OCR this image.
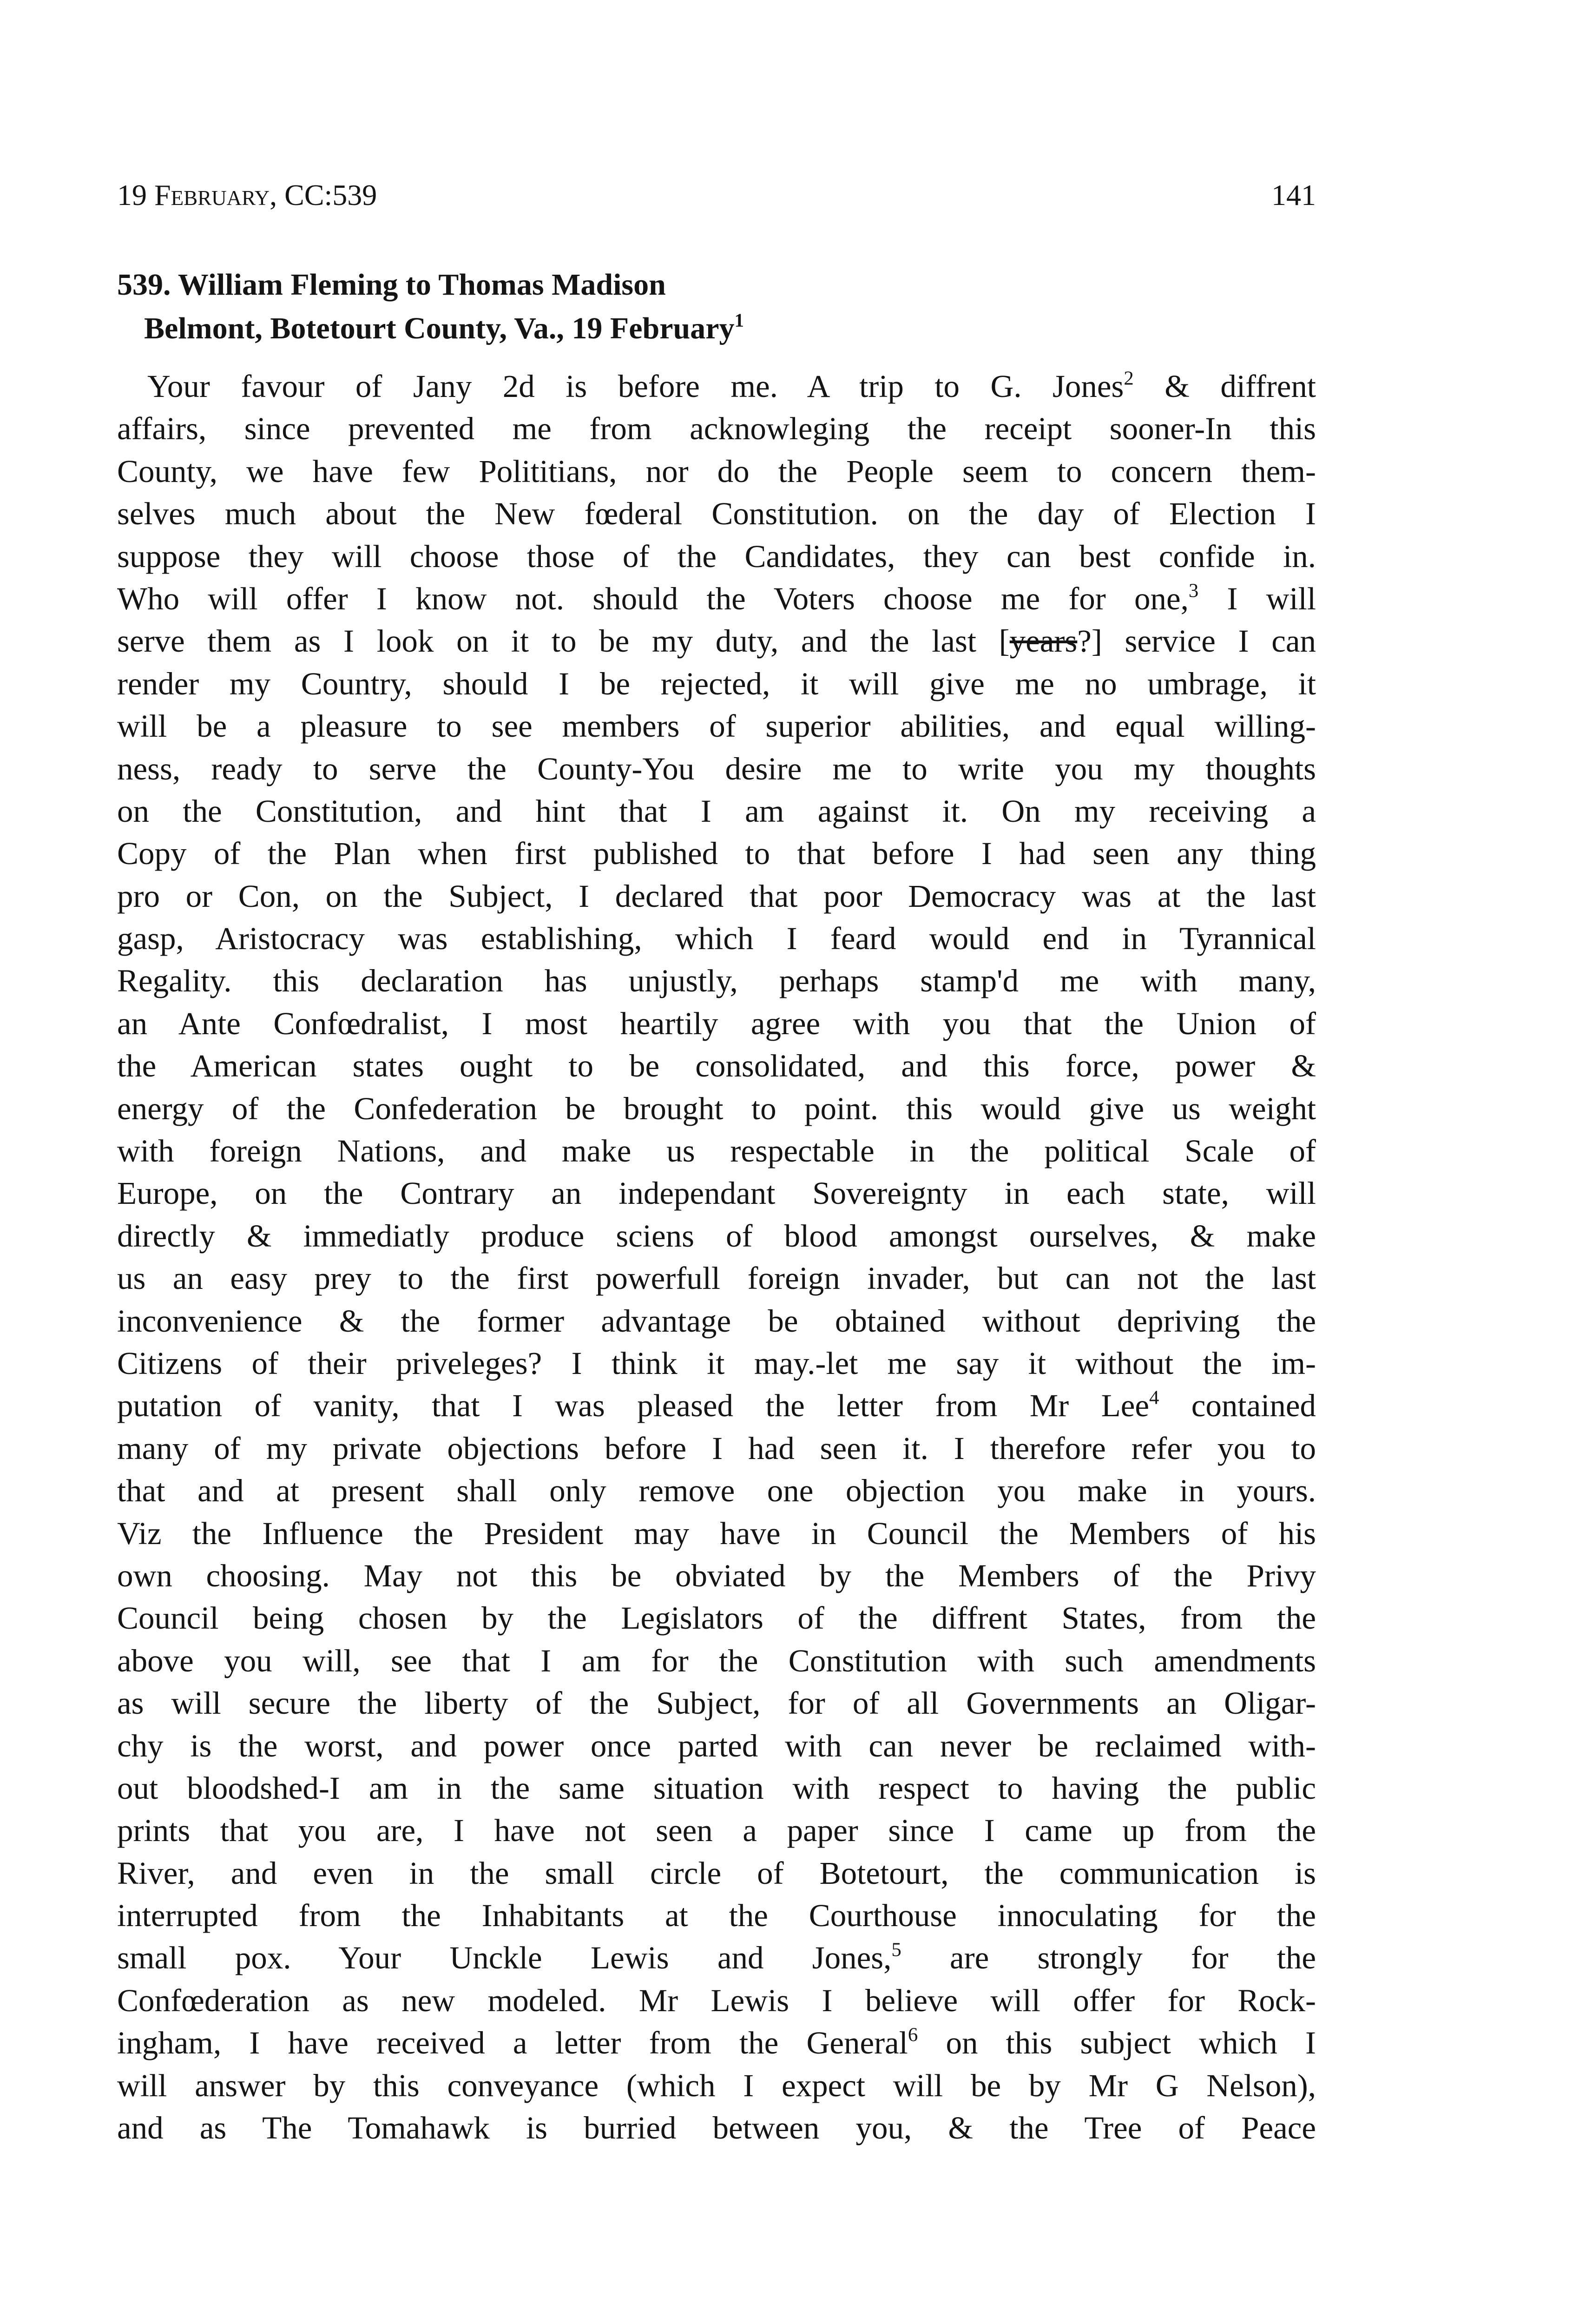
19 February, CC:539	141
539. William Fleming to Thomas Madison
Belmont, Botetourt County, Va., 19 February$^1$
Your favour of Jany 2d is before me. A trip to G. Jones$^2$ & diffrent
affairs, since prevented me from acknowleging the receipt sooner-In this
County, we have few Polititians, nor do the People seem to concern them-
selves much about the New fœderal Constitution. on the day of Election I
suppose they will choose those of the Candidates, they can best confide in.
Who will offer I know not. should the Voters choose me for one,$^3$ I will
serve them as I look on it to be my duty, and the last [years?] service I can
render my Country, should I be rejected, it will give me no umbrage, it
will be a pleasure to see members of superior abilities, and equal willing-
ness, ready to serve the County-You desire me to write you my thoughts
on the Constitution, and hint that I am against it. On my receiving a
Copy of the Plan when first published to that before I had seen any thing
pro or Con, on the Subject, I declared that poor Democracy was at the last
gasp, Aristocracy was establishing, which I feard would end in Tyrannical
Regality. this declaration has unjustly, perhaps stamp'd me with many,
an Ante Confœdralist, I most heartily agree with you that the Union of
the American states ought to be consolidated, and this force, power &
energy of the Confederation be brought to point. this would give us weight
with foreign Nations, and make us respectable in the political Scale of
Europe, on the Contrary an independant Sovereignty in each state, will
directly & immediatly produce sciens of blood amongst ourselves, & make
us an easy prey to the first powerfull foreign invader, but can not the last
inconvenience & the former advantage be obtained without depriving the
Citizens of their priveleges? I think it may.-let me say it without the im-
putation of vanity, that I was pleased the letter from Mr Lee$^4$ contained
many of my private objections before I had seen it. I therefore refer you to
that and at present shall only remove one objection you make in yours.
Viz the Influence the President may have in Council the Members of his
own choosing. May not this be obviated by the Members of the Privy
Council being chosen by the Legislators of the diffrent States, from the
above you will, see that I am for the Constitution with such amendments
as will secure the liberty of the Subject, for of all Governments an Oligar-
chy is the worst, and power once parted with can never be reclaimed with-
out bloodshed-I am in the same situation with respect to having the public
prints that you are, I have not seen a paper since I came up from the
River, and even in the small circle of Botetourt, the communication is
interrupted from the Inhabitants at the Courthouse innoculating for the
small pox. Your Unckle Lewis and Jones,$^5$ are strongly for the
Confœderation as new modeled. Mr Lewis I believe will offer for Rock-
ingham, I have received a letter from the General$^6$ on this subject which I
will answer by this conveyance (which I expect will be by Mr G Nelson),
and as The Tomahawk is burried between you, & the Tree of Peace
